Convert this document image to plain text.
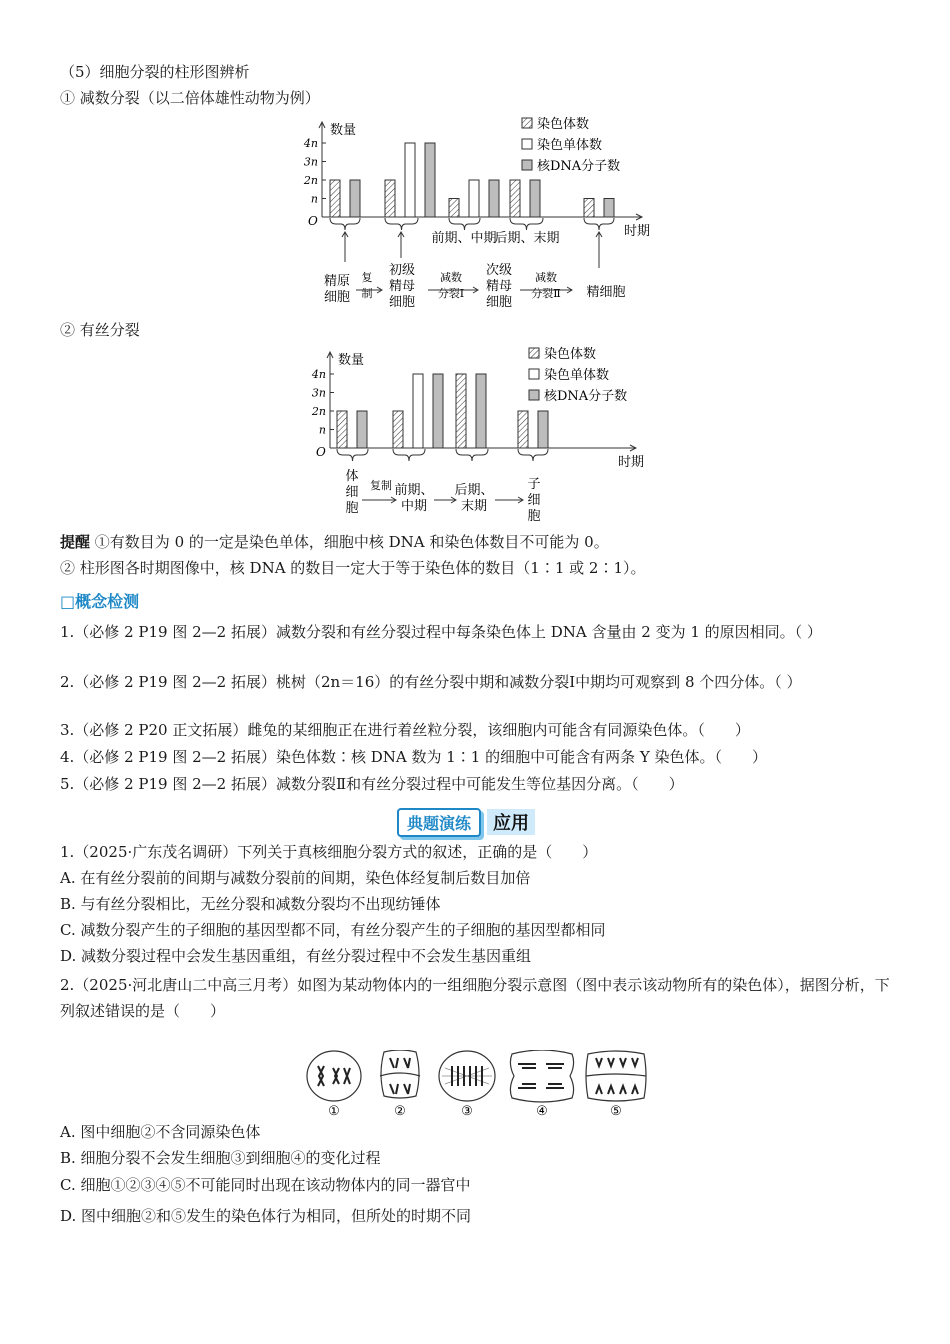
（5）细胞分裂的柱形图辨析
① 减数分裂（以二倍体雄性动物为例）
数量
时期
O
4n
3n
2n
n
染色体数
染色单体数
核DNA分子数
前期、中期
后期、末期
精原
细胞
复
制
初级
精母
细胞
减数
分裂Ⅰ
次级
精母
细胞
减数
分裂Ⅱ 精细胞
② 有丝分裂
数量
时期
O
4n
3n
2n
n
染色体数
染色单体数
核DNA分子数
体
细
胞
复制 前期、
中期
后期、
末期
子
细
胞
提醒 ①有数目为 0 的一定是染色单体，细胞中核 DNA 和染色体数目不可能为 0。
② 柱形图各时期图像中，核 DNA 的数目一定大于等于染色体的数目（1∶1 或 2∶1）。
□概念检测
1.（必修 2 P19 图 2—2 拓展）减数分裂和有丝分裂过程中每条染色体上 DNA 含量由 2 变为 1 的原因相同。（ ）
2.（必修 2 P19 图 2—2 拓展）桃树（2n＝16）的有丝分裂中期和减数分裂Ⅰ中期均可观察到 8 个四分体。（ ）
3.（必修 2 P20 正文拓展）雌兔的某细胞正在进行着丝粒分裂，该细胞内可能含有同源染色体。（　　）
4.（必修 2 P19 图 2—2 拓展）染色体数∶核 DNA 数为 1∶1 的细胞中可能含有两条 Y 染色体。（　　）
5.（必修 2 P19 图 2—2 拓展）减数分裂Ⅱ和有丝分裂过程中可能发生等位基因分离。（　　）
典题演练	应用
1.（2025·广东茂名调研）下列关于真核细胞分裂方式的叙述，正确的是（　　）
A. 在有丝分裂前的间期与减数分裂前的间期，染色体经复制后数目加倍
B. 与有丝分裂相比，无丝分裂和减数分裂均不出现纺锤体
C. 减数分裂产生的子细胞的基因型都不同，有丝分裂产生的子细胞的基因型都相同
D. 减数分裂过程中会发生基因重组，有丝分裂过程中不会发生基因重组
2.（2025·河北唐山二中高三月考）如图为某动物体内的一组细胞分裂示意图（图中表示该动物所有的染色体），据图分析，下列叙述错误的是（　　）
①	②	③	④	⑤
A. 图中细胞②不含同源染色体
B. 细胞分裂不会发生细胞③到细胞④的变化过程
C. 细胞①②③④⑤不可能同时出现在该动物体内的同一器官中
D. 图中细胞②和⑤发生的染色体行为相同，但所处的时期不同
